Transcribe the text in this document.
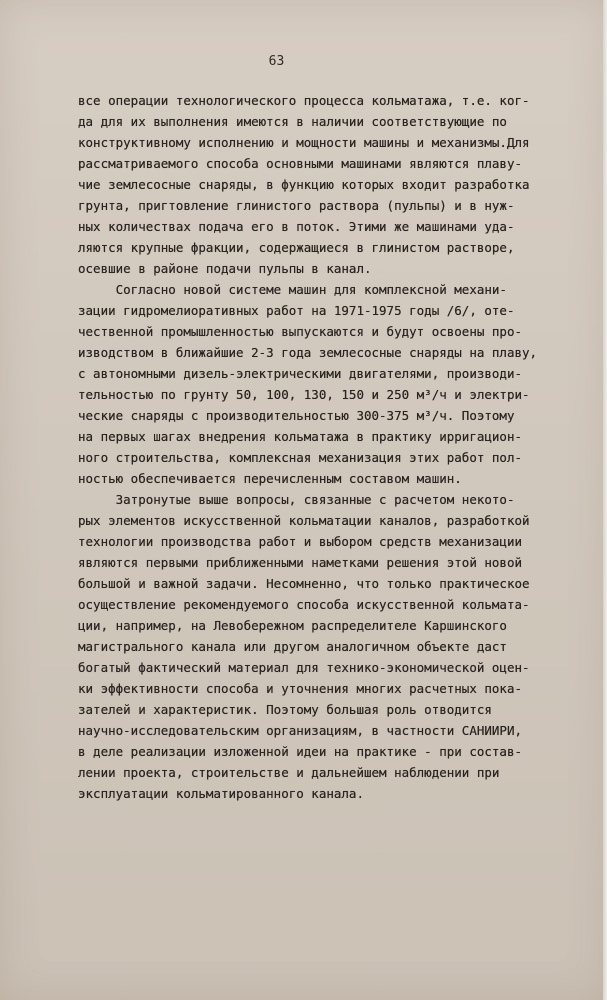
63
все операции технологического процесса кольматажа, т.е. ког-
да для их выполнения имеются в наличии соответствующие по
конструктивному исполнению и мощности машины и механизмы.Для
рассматриваемого способа основными машинами являются плаву-
чие землесосные снаряды, в функцию которых входит разработка
грунта, пригтовление глинистого раствора (пульпы) и в нуж-
ных количествах подача его в поток. Этими же машинами уда-
ляются крупные фракции, содержащиеся в глинистом растворе,
осевшие в районе подачи пульпы в канал.
Согласно новой системе машин для комплексной механи-
зации гидромелиоративных работ на 1971-1975 годы /6/, оте-
чественной промышленностью выпускаются и будут освоены про-
изводством в ближайшие 2-3 года землесосные снаряды на плаву,
с автономными дизель-электрическими двигателями, производи-
тельностью по грунту 50, 100, 130, 150 и 250 м³/ч и электри-
ческие снаряды с производительностью 300-375 м³/ч. Поэтому
на первых шагах внедрения кольматажа в практику ирригацион-
ного строительства, комплексная механизация этих работ пол-
ностью обеспечивается перечисленным составом машин.
Затронутые выше вопросы, связанные с расчетом некото-
рых элементов искусственной кольматации каналов, разработкой
технологии производства работ и выбором средств механизации
являются первыми приближенными наметками решения этой новой
большой и важной задачи. Несомненно, что только практическое
осуществление рекомендуемого способа искусственной кольмата-
ции, например, на Левобережном распределителе Каршинского
магистрального канала или другом аналогичном объекте даст
богатый фактический материал для технико-экономической оцен-
ки эффективности способа и уточнения многих расчетных пока-
зателей и характеристик. Поэтому большая роль отводится
научно-исследовательским организациям, в частности САНИИРИ,
в деле реализации изложенной идеи на практике - при состав-
лении проекта, строительстве и дальнейшем наблюдении при
эксплуатации кольматированного канала.
